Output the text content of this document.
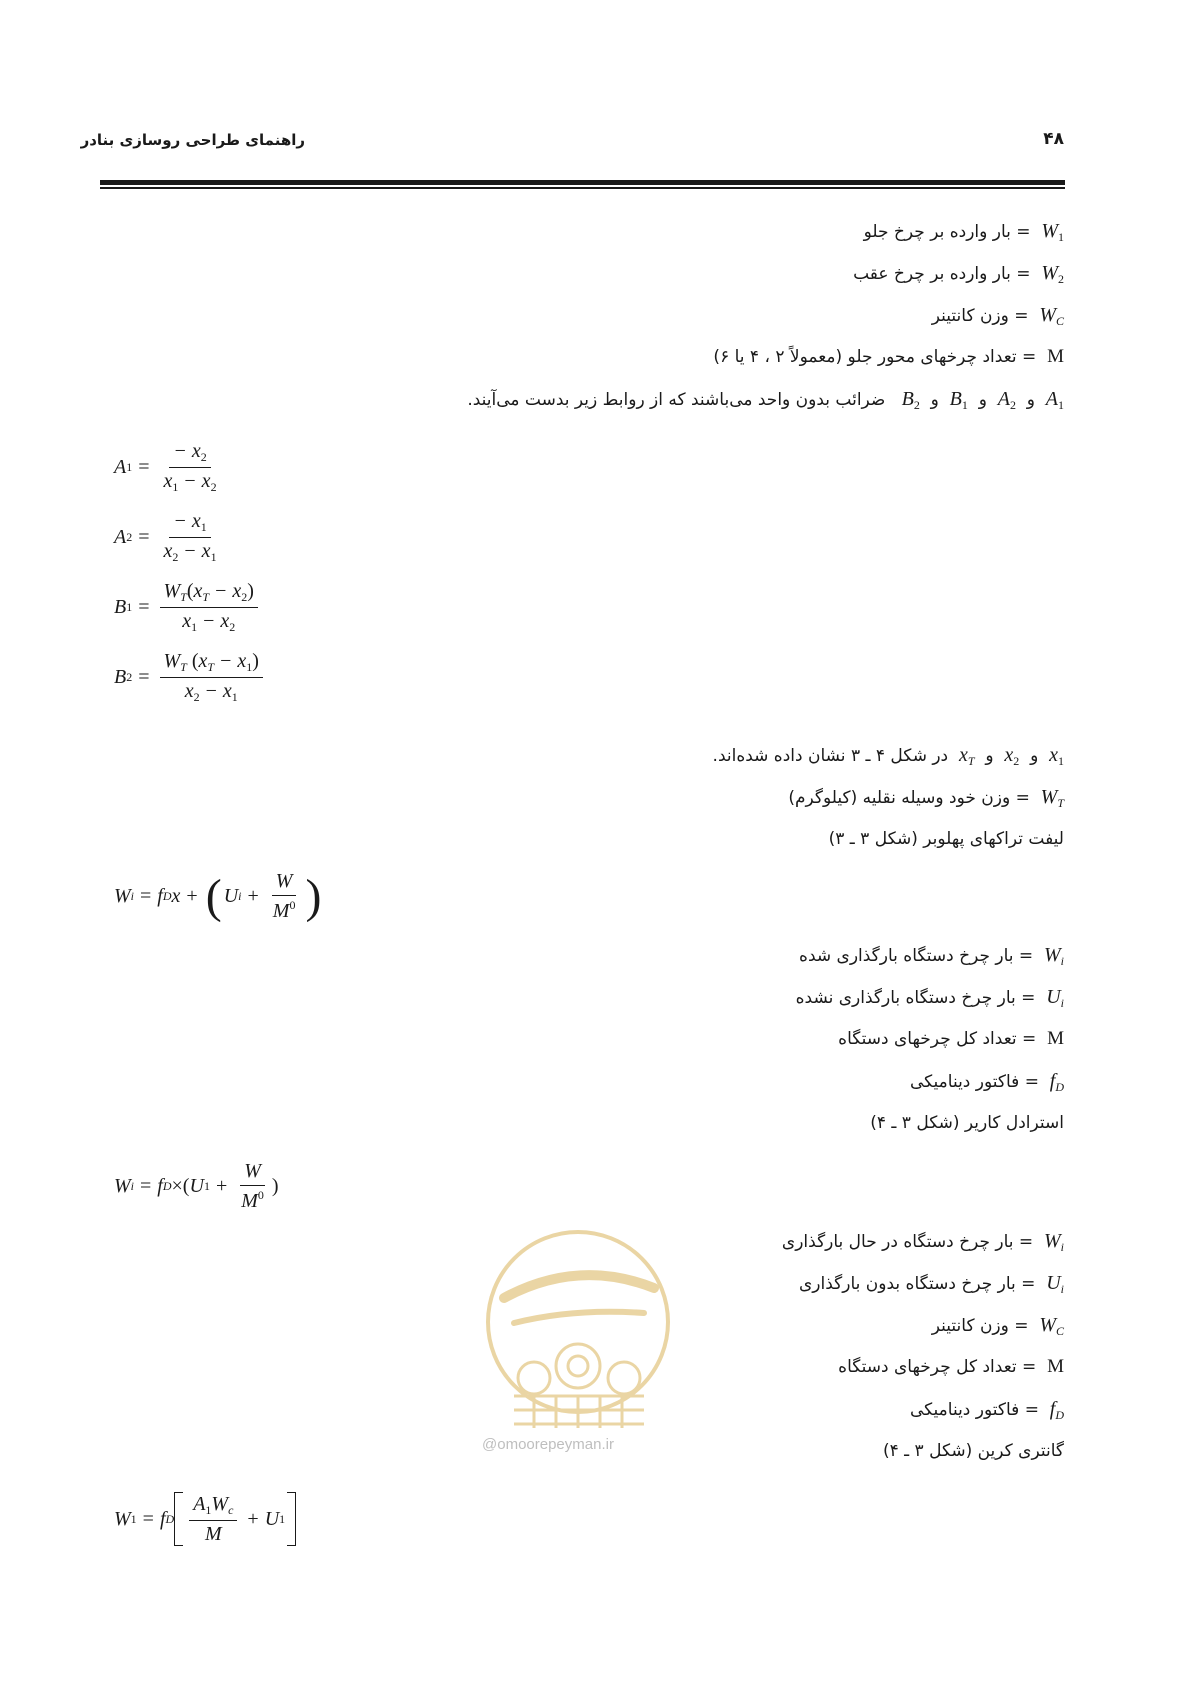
راهنمای طراحی روسازی بنادر	۴۸
$W_1$  = بار وارده بر چرخ جلو
$W_2$  = بار وارده بر چرخ عقب
$W_C$  = وزن کانتینر
M  = تعداد چرخهای محور جلو (معمولاً ۲ ، ۴ یا ۶)
$A_1$  و  $A_2$  و  $B_1$  و  $B_2$   ضرائب بدون واحد می‌باشند که از روابط زیر بدست می‌آیند.
A $1 = \frac{- x_2}{x_1 - x_2}$
A $2 = \frac{- x_1}{x_2 - x_1}$
B $1 = \frac{W_T(x_T - x_2)}{x_1 - x_2}$
B $2 = \frac{W_T (x_T - x_1)}{x_2 - x_1}$
$x_1$  و  $x_2$  و  $x_T$  در شکل ۴ ـ ۳ نشان داده شده‌اند.
$W_T$  = وزن خود وسیله نقلیه (کیلوگرم)
لیفت تراکهای پهلوبر (شکل ۳ ـ ۳)
W i = f D x + ( U $i + \frac{W}{M^0}$ )
$W_i$  = بار چرخ دستگاه بارگذاری شده
$U_i$  = بار چرخ دستگاه بارگذاری نشده
M  = تعداد کل چرخهای دستگاه
$f_D$  = فاکتور دینامیکی
استرادل کاریر (شکل ۳ ـ ۴)
W i = f D ×( U $1 + \frac{W}{M^0}$ )
$W_i$  = بار چرخ دستگاه در حال بارگذاری
$U_i$  = بار چرخ دستگاه بدون بارگذاری
$W_C$  = وزن کانتینر
M  = تعداد کل چرخهای دستگاه
$f_D$  = فاکتور دینامیکی
گانتری کرین (شکل ۳ ـ ۴)
W 1 = f D $\frac{A_1W_c}{M} + U$ 1
@omoorepeyman.ir
